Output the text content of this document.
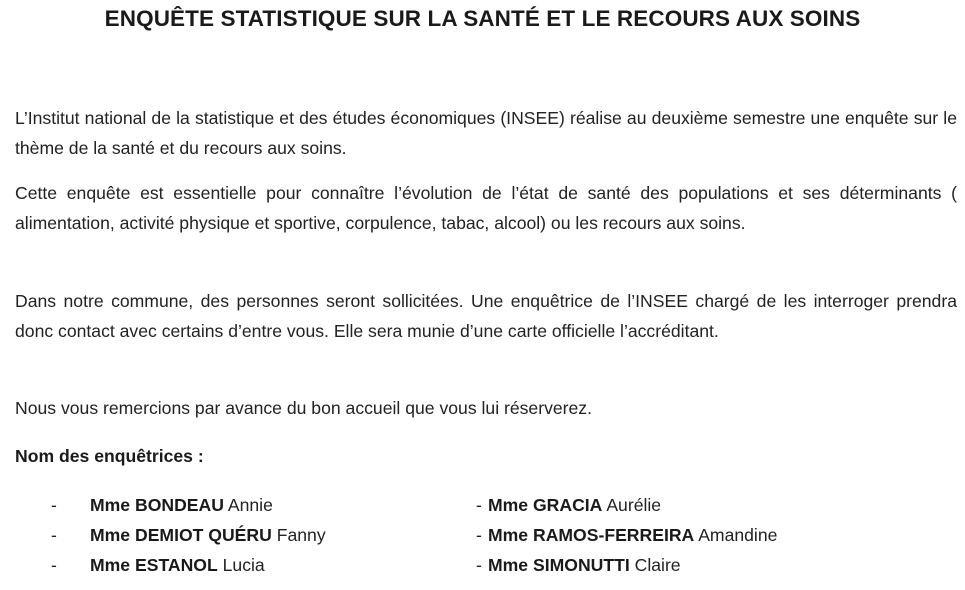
ENQUÊTE STATISTIQUE SUR LA SANTÉ ET LE RECOURS AUX SOINS

L’Institut national de la statistique et des études économiques (INSEE) réalise au deuxième semestre une enquête sur le thème de la santé et du recours aux soins.

Cette enquête est essentielle pour connaître l’évolution de l’état de santé des populations et ses déterminants ( alimentation, activité physique et sportive, corpulence, tabac, alcool) ou les recours aux soins.

Dans notre commune, des personnes seront sollicitées. Une enquêtrice de l’INSEE chargé de les interroger prendra donc contact avec certains d’entre vous. Elle sera munie d’une carte officielle l’accréditant.

Nous vous remercions par avance du bon accueil que vous lui réserverez.

Nom des enquêtrices :

- Mme BONDEAU Annie
- Mme DEMIOT QUÉRU Fanny
- Mme ESTANOL Lucia
- Mme GRACIA Aurélie
- Mme RAMOS-FERREIRA Amandine
- Mme SIMONUTTI Claire
